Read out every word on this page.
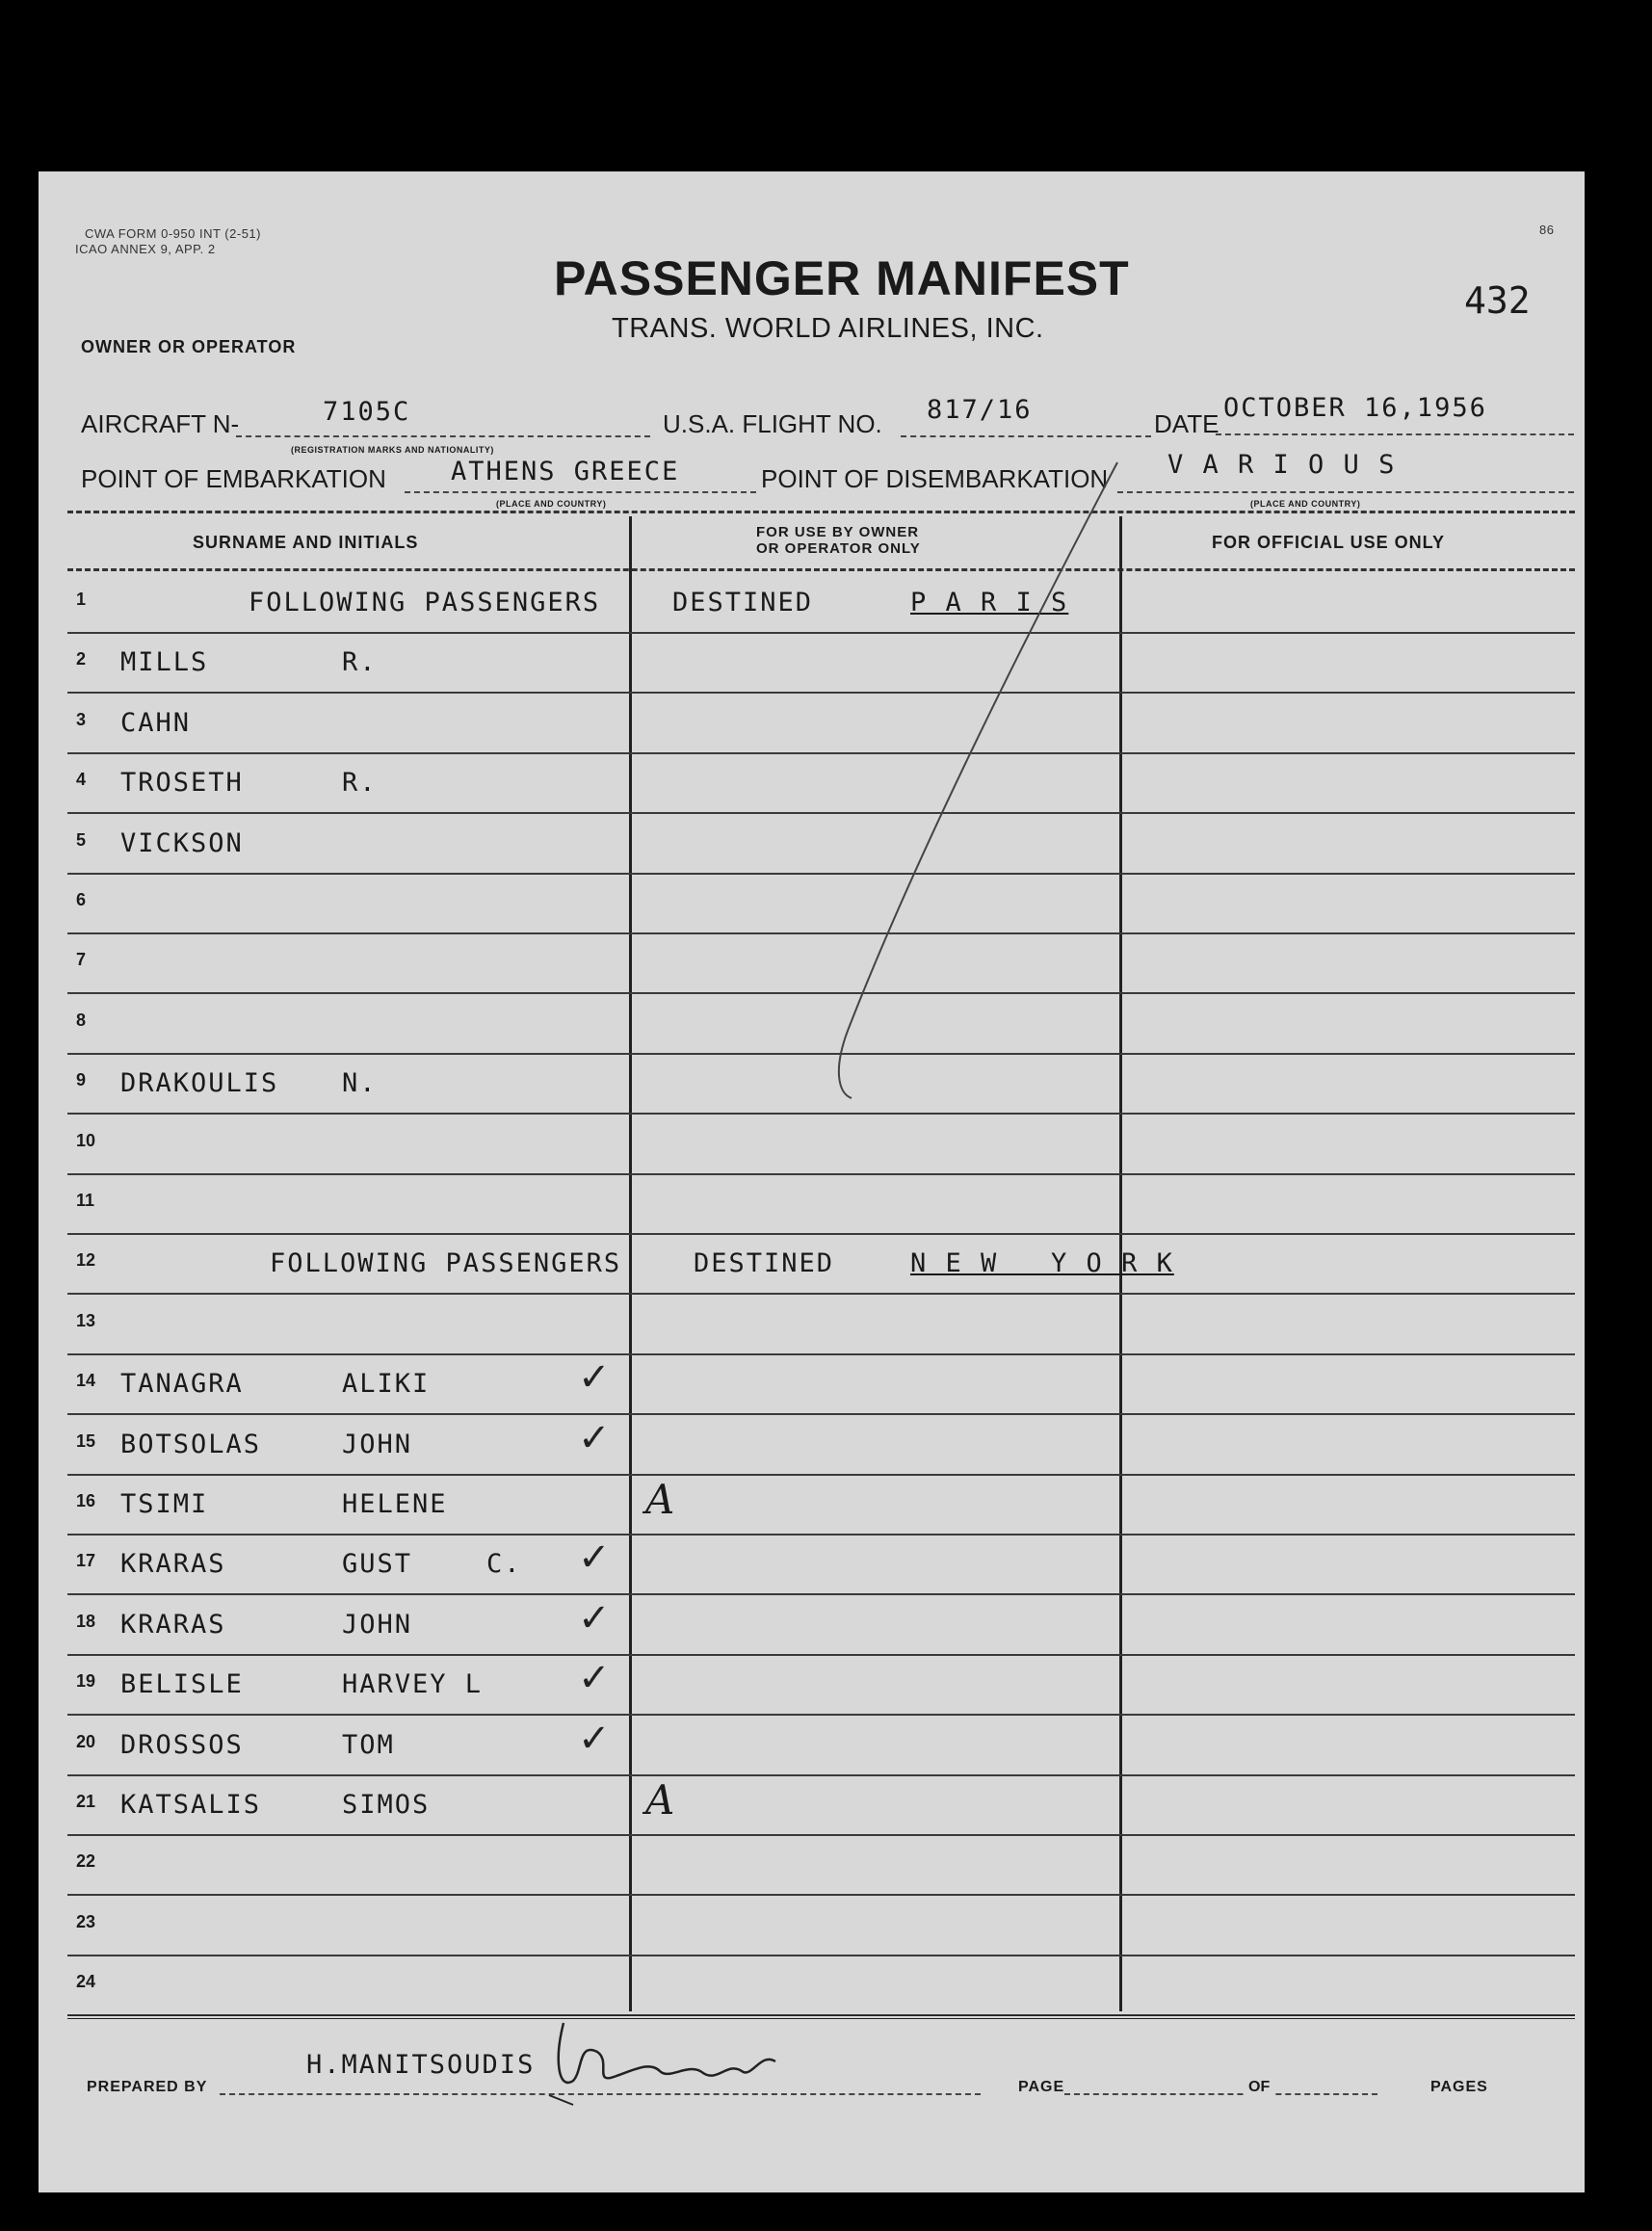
CWA FORM 0-950 INT (2-51)
ICAO ANNEX 9, APP. 2
86
PASSENGER MANIFEST
TRANS. WORLD AIRLINES, INC.
432
OWNER OR OPERATOR
AIRCRAFT N-	7105C
(REGISTRATION MARKS AND NATIONALITY)
U.S.A. FLIGHT NO. 817/16	DATE
OCTOBER 16,1956
POINT OF EMBARKATION ATHENS GREECE
(PLACE AND COUNTRY)
POINT OF DISEMBARKATION V A R I O U S
(PLACE AND COUNTRY)
SURNAME AND INITIALS
FOR USE BY OWNER
OR OPERATOR ONLY	FOR OFFICIAL USE ONLY
1	FOLLOWING PASSENGERS	DESTINED	P A R I S
2 MILLS	R.
3 CAHN
4 TROSETH	R.
5 VICKSON
6
7
8
9 DRAKOULIS N.
10
11
12	FOLLOWING PASSENGERS	DESTINED	N E W   Y O R K
13
14 TANAGRA	ALIKI	✓
15 BOTSOLAS	JOHN	✓
16 TSIMI	HELENE	A
17 KRARAS	GUST	C. ✓
18 KRARAS	JOHN	✓
19 BELISLE	HARVEY L ✓
20 DROSSOS	TOM	✓
21 KATSALIS	SIMOS	A
22
23
24
PREPARED BY
H.MANITSOUDIS
PAGE	OF	PAGES
